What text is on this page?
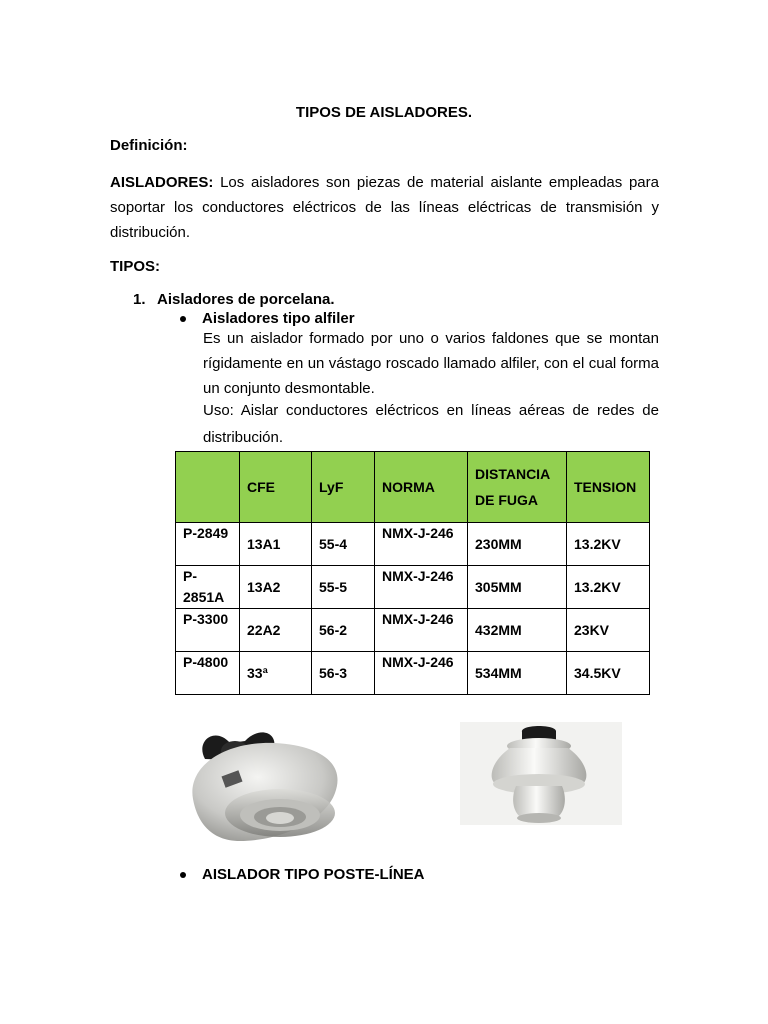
TIPOS DE AISLADORES.
Definición:
AISLADORES: Los aisladores son piezas de material aislante empleadas para soportar los conductores eléctricos de las líneas eléctricas de transmisión y distribución.
TIPOS:
1. Aisladores de porcelana.
Aisladores tipo alfiler
Es un aislador formado por uno o varios faldones que se montan rígidamente en un vástago roscado llamado alfiler, con el cual forma un conjunto desmontable.
Uso: Aislar conductores eléctricos en líneas aéreas de redes de distribución.
	CFE	LyF	NORMA	DISTANCIA DE FUGA	TENSION
P-2849	13A1	55-4	NMX-J-246	230MM	13.2KV
P-2851A	13A2	55-5	NMX-J-246	305MM	13.2KV
P-3300	22A2	56-2	NMX-J-246	432MM	23KV
P-4800	33ª	56-3	NMX-J-246	534MM	34.5KV
AISLADOR TIPO POSTE-LÍNEA
